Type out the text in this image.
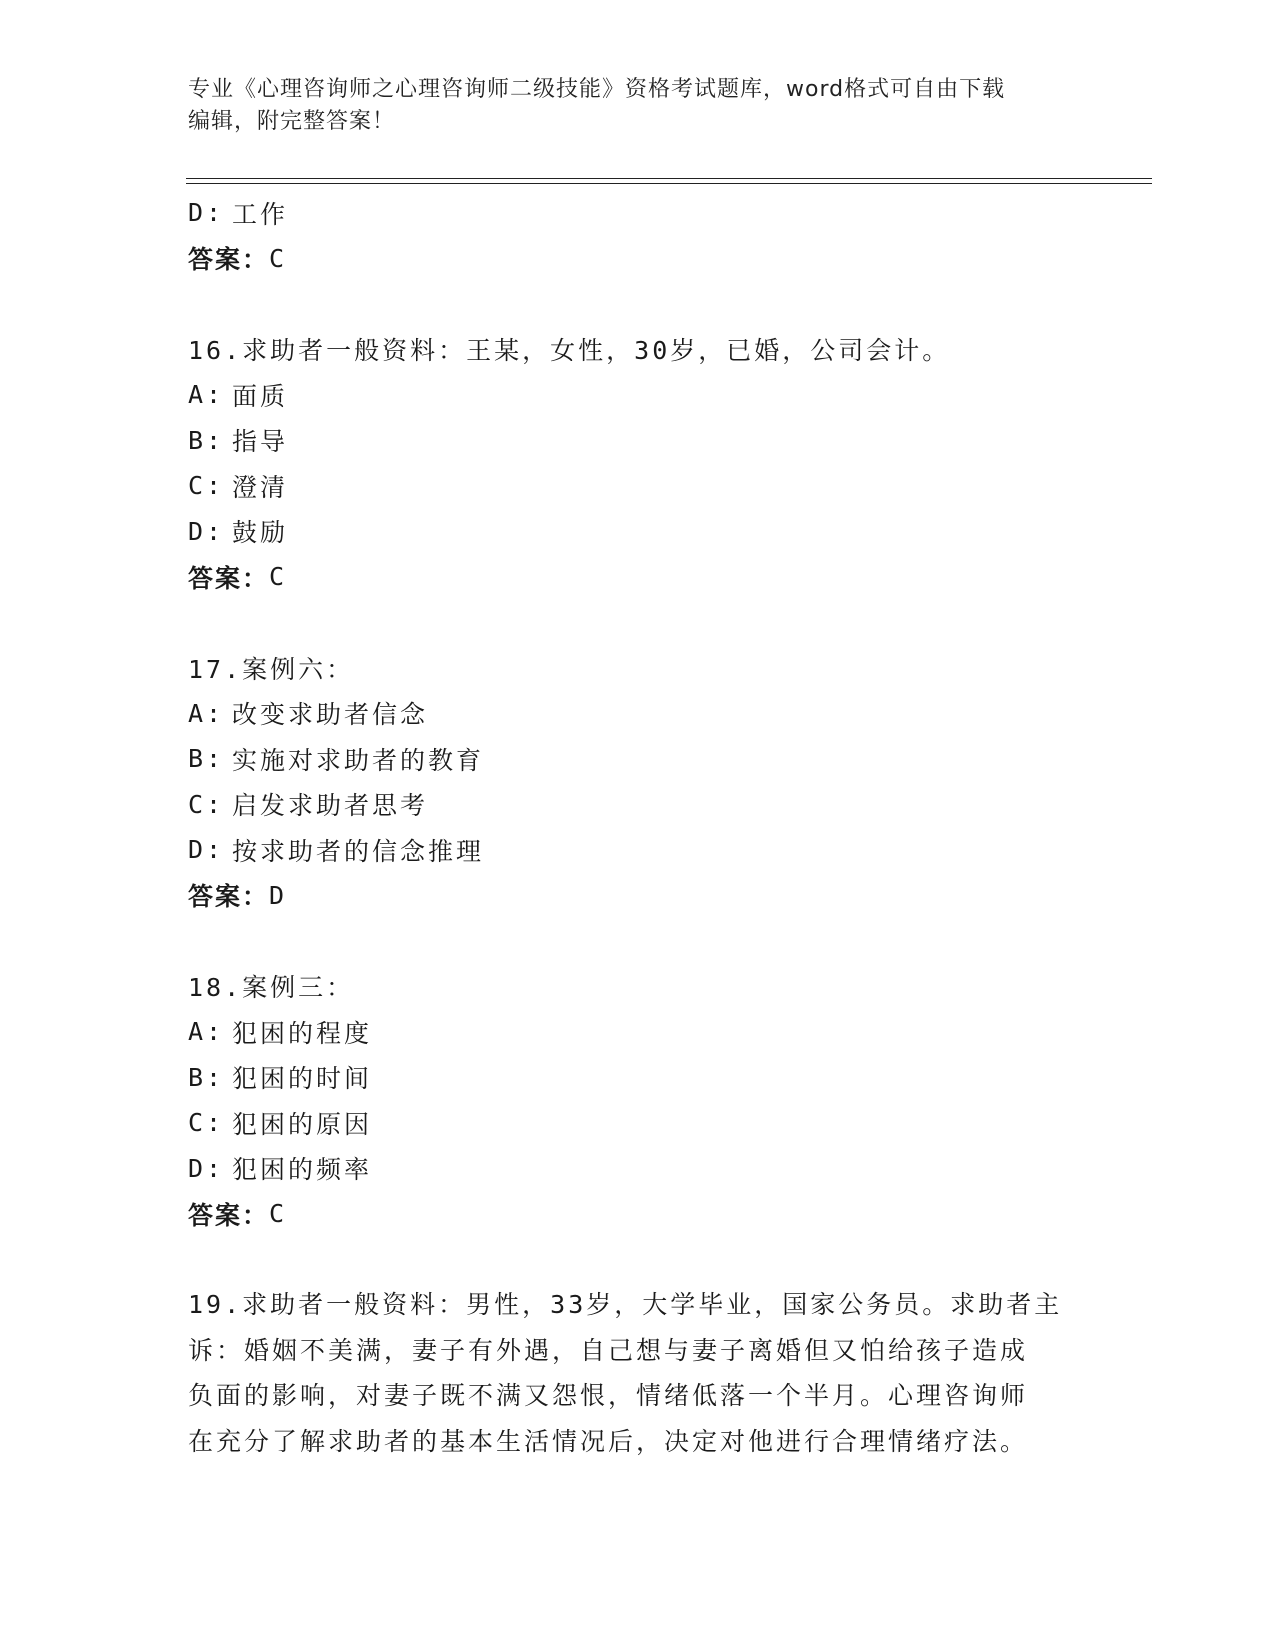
专业《心理咨询师之心理咨询师二级技能》资格考试题库，word格式可自由下载
编辑，附完整答案！
D: 工作
答案： C
16.求助者一般资料：王某，女性，30岁，已婚，公司会计。
A: 面质
B: 指导
C: 澄清
D: 鼓励
答案： C
17.案例六：
A: 改变求助者信念
B: 实施对求助者的教育
C: 启发求助者思考
D: 按求助者的信念推理
答案： D
18.案例三：
A: 犯困的程度
B: 犯困的时间
C: 犯困的原因
D: 犯困的频率
答案： C
19.求助者一般资料：男性，33岁，大学毕业，国家公务员。求助者主
诉：婚姻不美满，妻子有外遇，自己想与妻子离婚但又怕给孩子造成
负面的影响，对妻子既不满又怨恨，情绪低落一个半月。心理咨询师
在充分了解求助者的基本生活情况后，决定对他进行合理情绪疗法。
